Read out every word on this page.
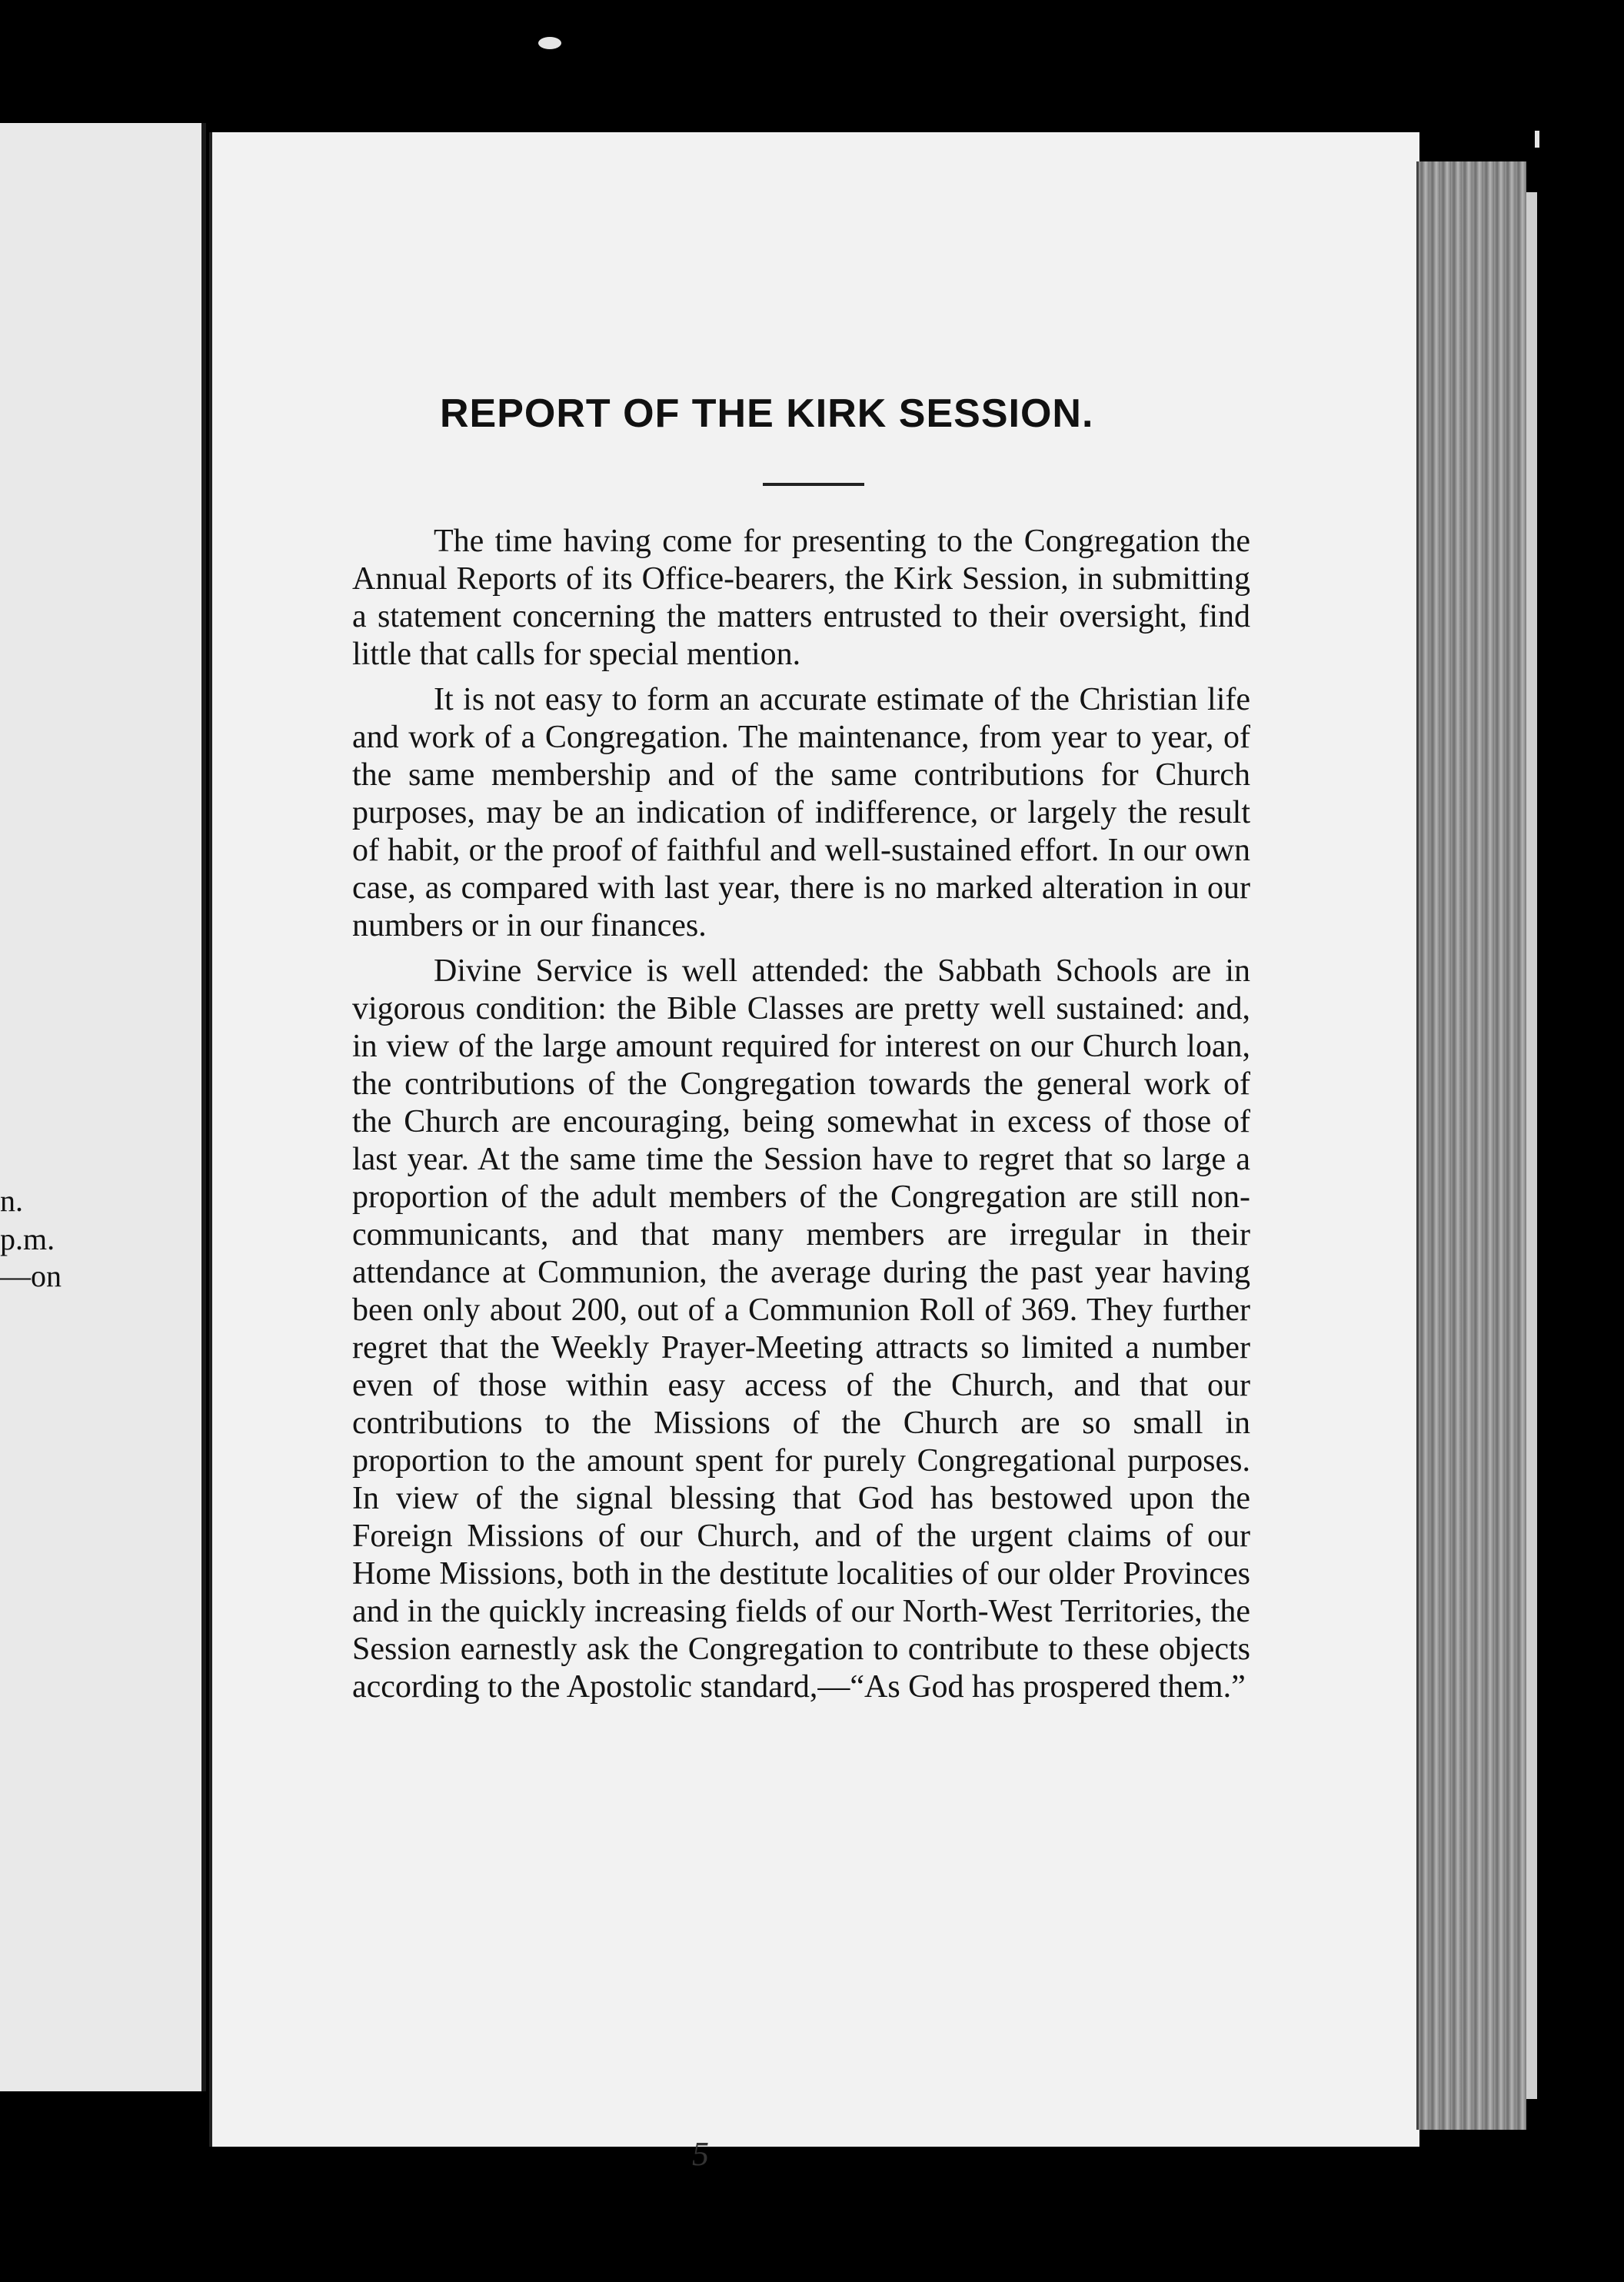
n.
p.m.
—on
REPORT OF THE KIRK SESSION.

The time having come for presenting to the Congregation the Annual Reports of its Office-bearers, the Kirk Session, in submitting a statement concerning the matters entrusted to their oversight, find little that calls for special mention.

It is not easy to form an accurate estimate of the Christian life and work of a Congregation. The maintenance, from year to year, of the same membership and of the same contributions for Church purposes, may be an indication of indifference, or largely the result of habit, or the proof of faithful and well-sustained effort. In our own case, as compared with last year, there is no marked alteration in our numbers or in our finances.

Divine Service is well attended: the Sabbath Schools are in vigorous condition: the Bible Classes are pretty well sustained: and, in view of the large amount required for interest on our Church loan, the contributions of the Congregation towards the general work of the Church are encouraging, being somewhat in excess of those of last year. At the same time the Session have to regret that so large a proportion of the adult members of the Congregation are still non-communicants, and that many members are irregular in their attendance at Communion, the average during the past year having been only about 200, out of a Communion Roll of 369. They further regret that the Weekly Prayer-Meeting attracts so limited a number even of those within easy access of the Church, and that our contributions to the Missions of the Church are so small in proportion to the amount spent for purely Congregational purposes. In view of the signal blessing that God has bestowed upon the Foreign Missions of our Church, and of the urgent claims of our Home Missions, both in the destitute localities of our older Provinces and in the quickly increasing fields of our North-West Territories, the Session earnestly ask the Congregation to contribute to these objects according to the Apostolic standard,—“As God has prospered them.”

5
